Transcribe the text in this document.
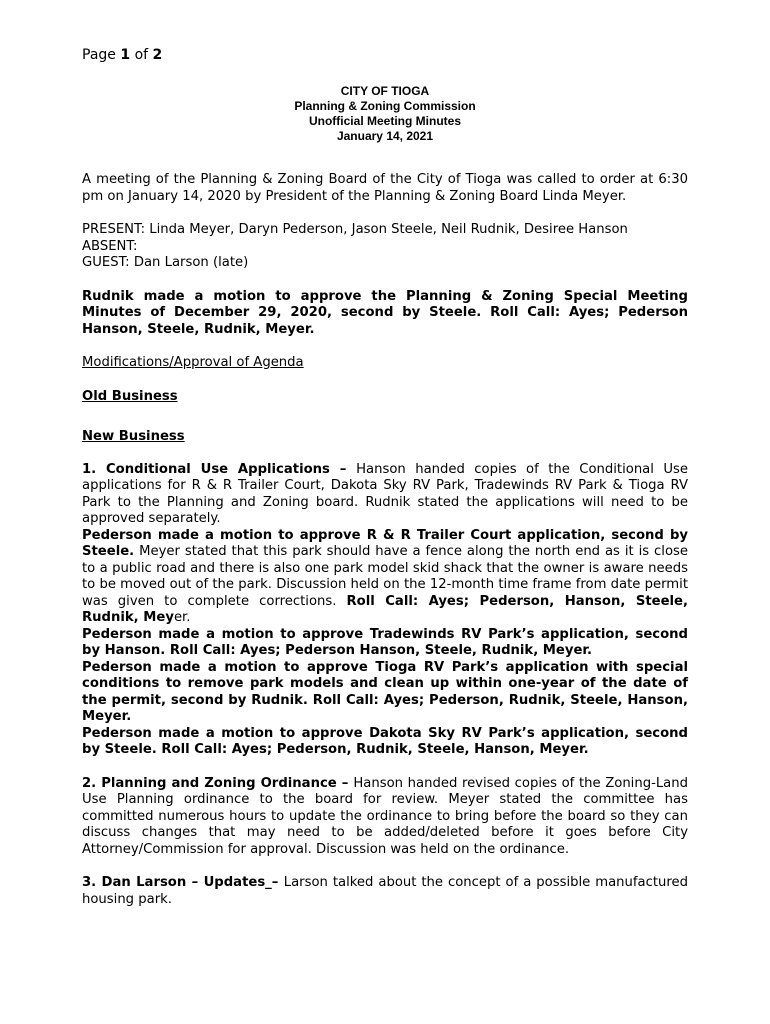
Page 1 of 2

CITY OF TIOGA
Planning & Zoning Commission
Unofficial Meeting Minutes
January 14, 2021

A meeting of the Planning & Zoning Board of the City of Tioga was called to order at 6:30 pm on January 14, 2020 by President of the Planning & Zoning Board Linda Meyer.

PRESENT: Linda Meyer, Daryn Pederson, Jason Steele, Neil Rudnik, Desiree Hanson
ABSENT:
GUEST: Dan Larson (late)

Rudnik made a motion to approve the Planning & Zoning Special Meeting Minutes of December 29, 2020, second by Steele. Roll Call: Ayes; Pederson Hanson, Steele, Rudnik, Meyer.

Modifications/Approval of Agenda

Old Business

New Business

1. Conditional Use Applications – Hanson handed copies of the Conditional Use applications for R & R Trailer Court, Dakota Sky RV Park, Tradewinds RV Park & Tioga RV Park to the Planning and Zoning board. Rudnik stated the applications will need to be approved separately.

Pederson made a motion to approve R & R Trailer Court application, second by Steele. Meyer stated that this park should have a fence along the north end as it is close to a public road and there is also one park model skid shack that the owner is aware needs to be moved out of the park. Discussion held on the 12-month time frame from date permit was given to complete corrections. Roll Call: Ayes; Pederson, Hanson, Steele, Rudnik, Meyer.

Pederson made a motion to approve Tradewinds RV Park’s application, second by Hanson. Roll Call: Ayes; Pederson Hanson, Steele, Rudnik, Meyer.

Pederson made a motion to approve Tioga RV Park’s application with special conditions to remove park models and clean up within one-year of the date of the permit, second by Rudnik. Roll Call: Ayes; Pederson, Rudnik, Steele, Hanson, Meyer.

Pederson made a motion to approve Dakota Sky RV Park’s application, second by Steele. Roll Call: Ayes; Pederson, Rudnik, Steele, Hanson, Meyer.

2. Planning and Zoning Ordinance – Hanson handed revised copies of the Zoning-Land Use Planning ordinance to the board for review. Meyer stated the committee has committed numerous hours to update the ordinance to bring before the board so they can discuss changes that may need to be added/deleted before it goes before City Attorney/Commission for approval. Discussion was held on the ordinance.

3. Dan Larson – Updates_– Larson talked about the concept of a possible manufactured housing park.
